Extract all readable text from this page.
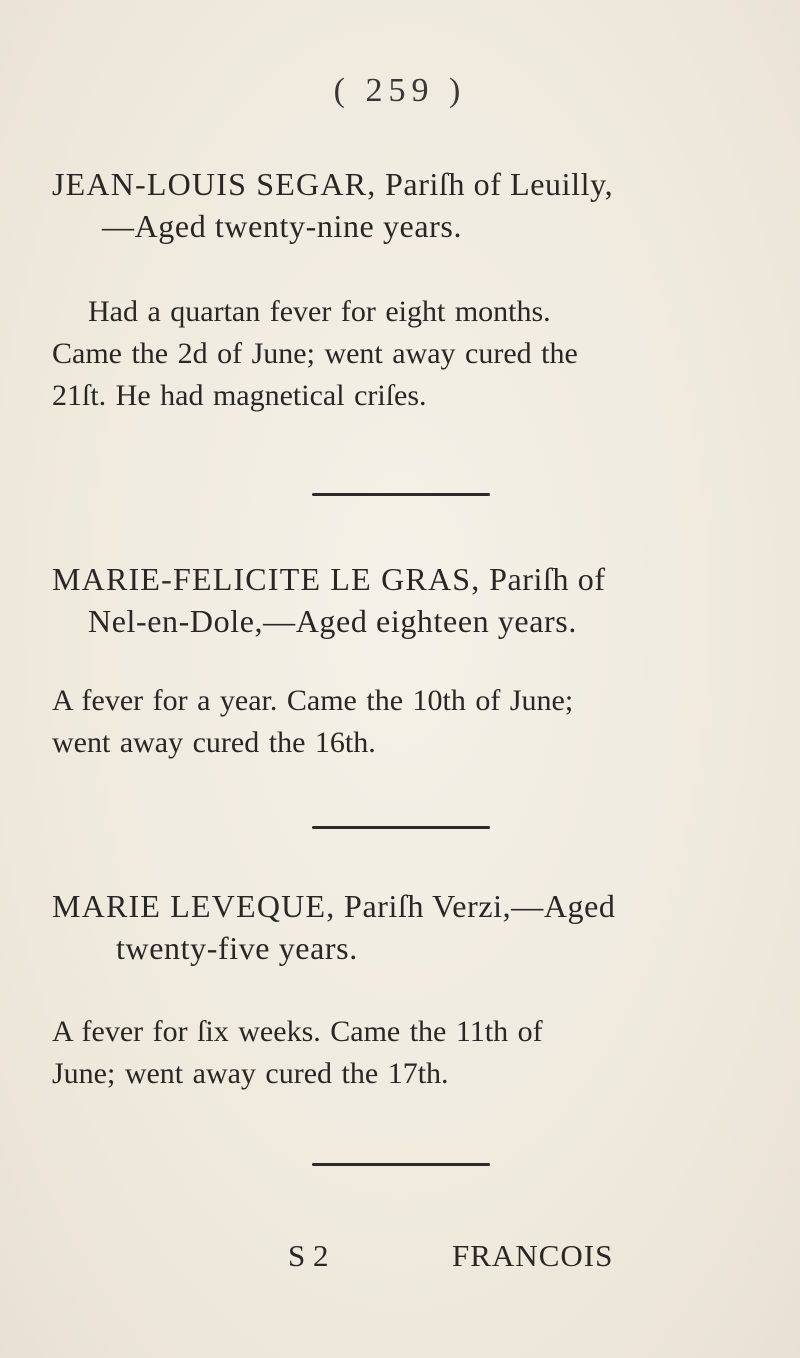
( 259 )
JEAN-LOUIS SEGAR, Pariſh of Leuilly,
—Aged twenty-nine years.
Had a quartan fever for eight months.
Came the 2d of June; went away cured the
21ſt. He had magnetical criſes.
MARIE-FELICITE LE GRAS, Pariſh of
Nel-en-Dole,—Aged eighteen years.
A fever for a year. Came the 10th of June;
went away cured the 16th.
MARIE LEVEQUE, Pariſh Verzi,—Aged
twenty-five years.
A fever for ſix weeks. Came the 11th of
June; went away cured the 17th.
S 2	FRANCOIS
